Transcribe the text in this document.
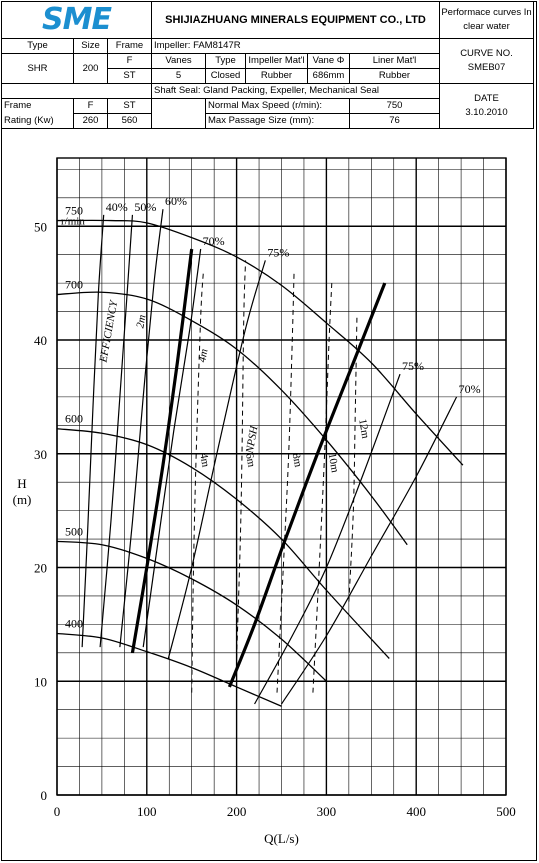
SME			SHIJIAZHUANG MINERALS EQUIPMENT CO., LTD					Performace curves In clear water
Type	Size	Frame	Impeller: FAM8147R					CURVE NO.
SMEB07

SHR	200	F	Vanes	Type	Impeller Mat'l	Vane Φ	Liner Mat'l	
		ST	5	Closed	Rubber	686mm	Rubber	
			Shaft Seal: Gland Packing, Expeller, Mechanical Seal					DATE
3.10.2010

Frame	F	ST		Normal Max Speed (r/min):			750	
Rating (Kw)	260	560		Max Passage Size (mm):			76	
0	100	200	300	400	500
0
10
20
30
40
50
Q(L/s)
H
(m)
750
r/min
700
600
500
400
4m	6m	8m 10m
12m
40% 50% 60%
70%
75%
75%
70%
EFFICIENCY
NPSH
2m
4m
